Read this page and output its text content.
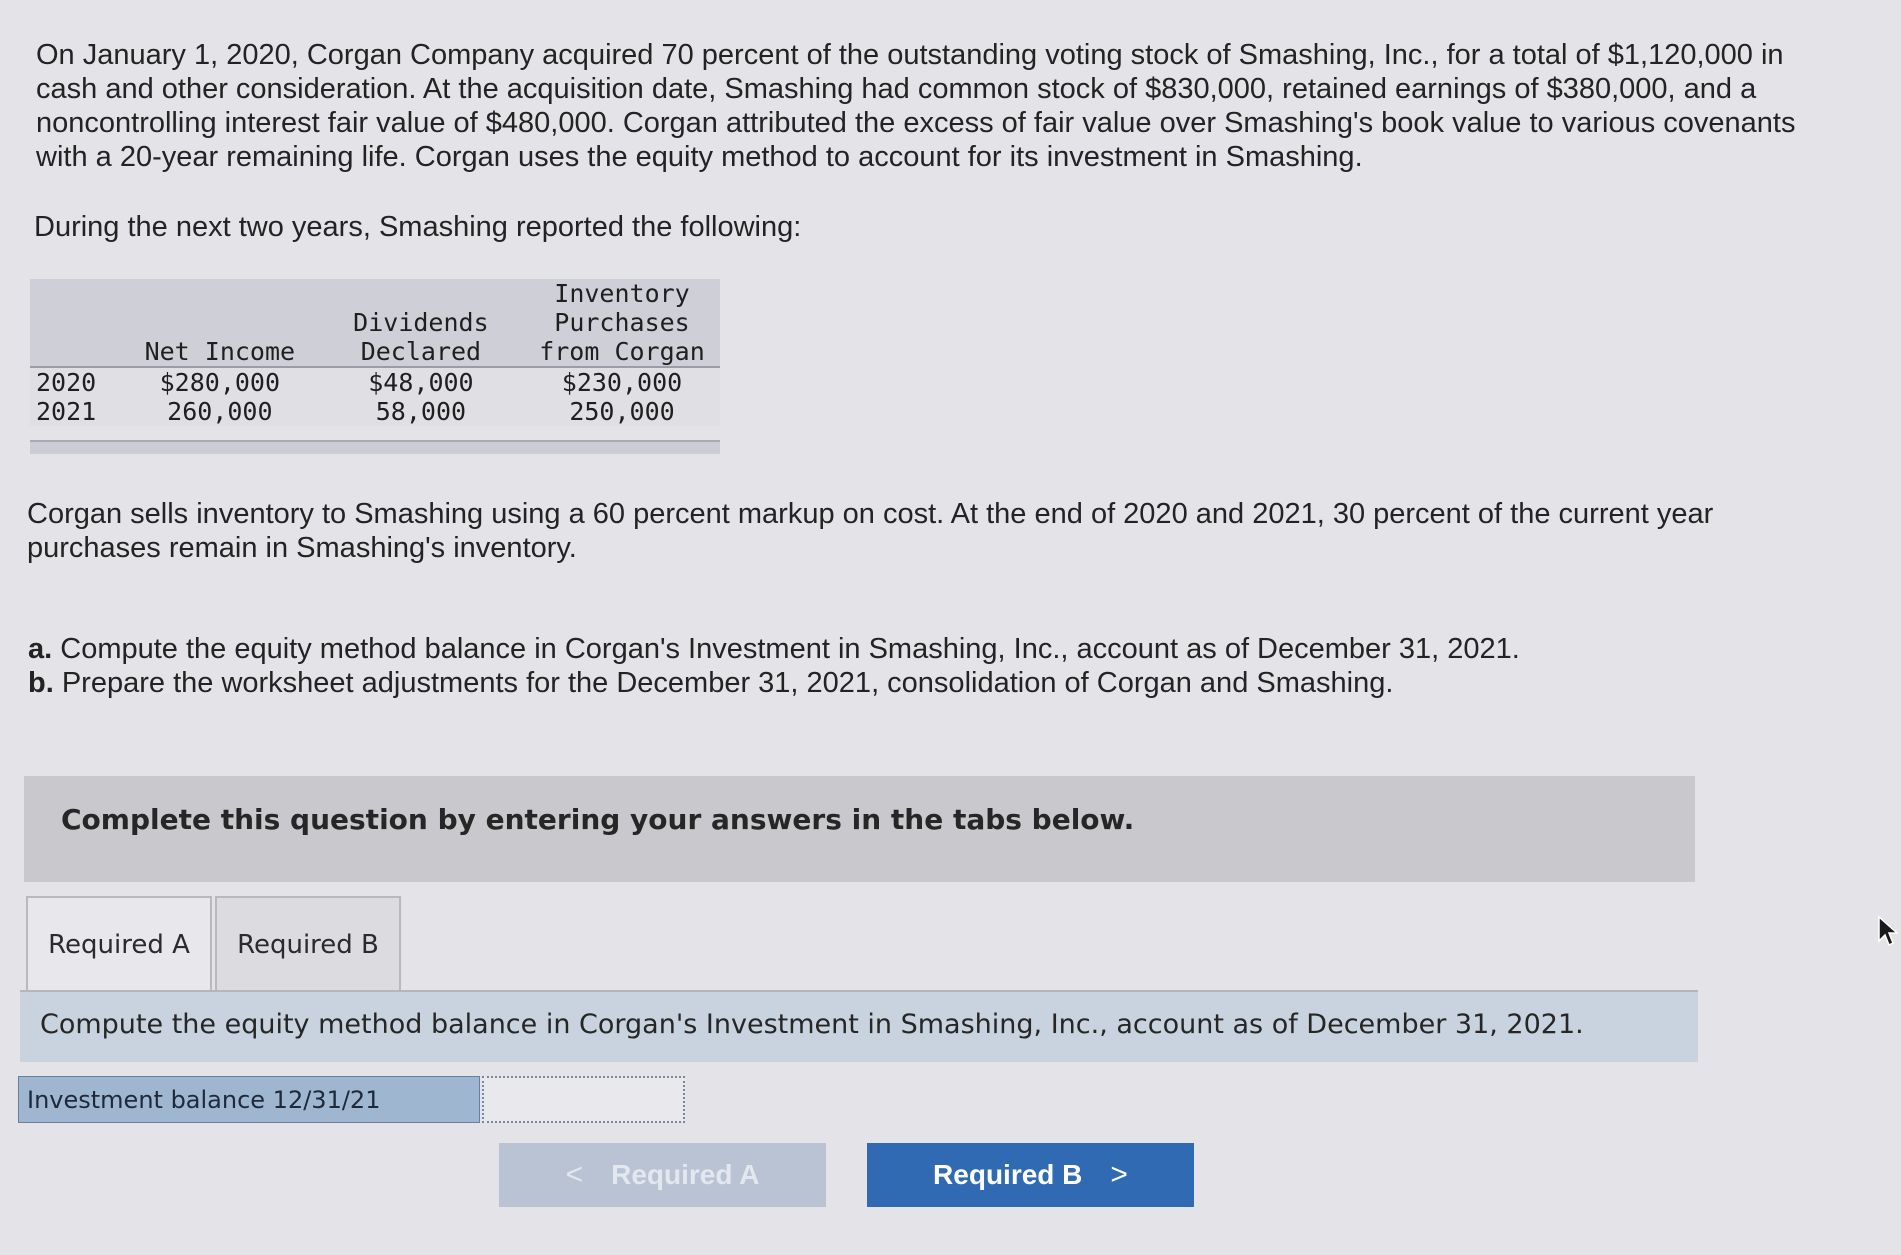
On January 1, 2020, Corgan Company acquired 70 percent of the outstanding voting stock of Smashing, Inc., for a total of $1,120,000 in cash and other consideration. At the acquisition date, Smashing had common stock of $830,000, retained earnings of $380,000, and a noncontrolling interest fair value of $480,000. Corgan attributed the excess of fair value over Smashing's book value to various covenants with a 20-year remaining life. Corgan uses the equity method to account for its investment in Smashing.

During the next two years, Smashing reported the following:

			Inventory
		Dividends	Purchases
	Net Income	Declared	from Corgan
2020	$280,000	$48,000	$230,000
2021	260,000	58,000	250,000

Corgan sells inventory to Smashing using a 60 percent markup on cost. At the end of 2020 and 2021, 30 percent of the current year purchases remain in Smashing's inventory.

a. Compute the equity method balance in Corgan's Investment in Smashing, Inc., account as of December 31, 2021.
b. Prepare the worksheet adjustments for the December 31, 2021, consolidation of Corgan and Smashing.

Complete this question by entering your answers in the tabs below.
Required A	Required B
Compute the equity method balance in Corgan's Investment in Smashing, Inc., account as of December 31, 2021.
Investment balance 12/31/21
< Required A	Required B >
